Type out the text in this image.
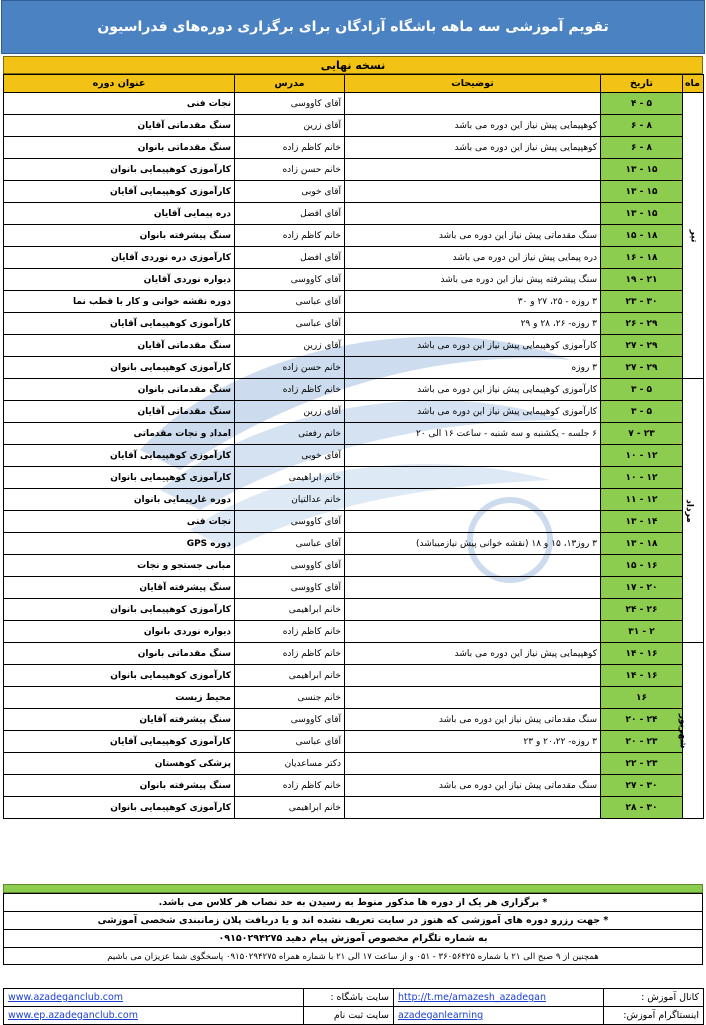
تقویم آموزشی سه ماهه باشگاه آزادگان برای برگزاری دوره‌های فدراسیون
نسخه نهایی
ماه	تاریخ	توضیحات	مدرس	عنوان دوره
تیر	۵ - ۴		آقای کاووسی	نجات فنی
	۸ - ۶	کوهپیمایی پیش نیاز این دوره می باشد	آقای زرین	سنگ مقدماتی آقایان
	۸ - ۶	کوهپیمایی پیش نیاز این دوره می باشد	خانم کاظم زاده	سنگ مقدماتی بانوان
	۱۵ - ۱۳		خانم حسن زاده	کارآموزی کوهپیمایی بانوان
	۱۵ - ۱۳		آقای خوبی	کارآموزی کوهپیمایی آقایان
	۱۵ - ۱۳		آقای افضل	دره پیمایی آقایان
	۱۸ - ۱۵	سنگ مقدماتی پیش نیاز این دوره می باشد	خانم کاظم زاده	سنگ پیشرفته بانوان
	۱۸ - ۱۶	دره پیمایی پیش نیاز این دوره می باشد	آقای افضل	کارآموزی دره نوردی آقایان
	۲۱ - ۱۹	سنگ پیشرفته پیش نیاز این دوره می باشد	آقای کاووسی	دیواره نوردی آقایان
	۳۰ - ۲۳	۳ روزه - ۲۵، ۲۷ و ۳۰	آقای عباسی	دوره نقشه خوانی و کار با قطب نما
	۲۹ - ۲۶	۳ روزه- ۲۶، ۲۸ و ۲۹	آقای عباسی	کارآموزی کوهپیمایی آقایان
	۲۹ - ۲۷	کارآموزی کوهپیمایی پیش نیاز این دوره می باشد	آقای زرین	سنگ مقدماتی آقایان
	۲۹ - ۲۷	۳ روزه	خانم حسن زاده	کارآموزی کوهپیمایی بانوان
مرداد	۵ - ۳	کارآموزی کوهپیمایی پیش نیاز این دوره می باشد	خانم کاظم زاده	سنگ مقدماتی بانوان
	۵ - ۳	کارآموزی کوهپیمایی پیش نیاز این دوره می باشد	آقای زرین	سنگ مقدماتی آقایان
	۲۳ - ۷	۶ جلسه - یکشنبه و سه شنبه - ساعت ۱۶ الی ۲۰	خانم رفعتی	امداد و نجات مقدماتی
	۱۲ - ۱۰		آقای خوبی	کارآموزی کوهپیمایی آقایان
	۱۲ - ۱۰		خانم ابراهیمی	کارآموزی کوهپیمایی بانوان
	۱۲ - ۱۱		خانم عدالتیان	دوره غارپیمایی بانوان
	۱۴ - ۱۳		آقای کاووسی	نجات فنی
	۱۸ - ۱۳	۳ روز۱۳، ۱۵ و ۱۸ (نقشه خوانی پیش نیازمیباشد)	آقای عباسی	دوره GPS
	۱۶ - ۱۵		آقای کاووسی	مبانی جستجو و نجات
	۲۰ - ۱۷		آقای کاووسی	سنگ پیشرفته آقایان
	۲۶ - ۲۴		خانم ابراهیمی	کارآموزی کوهپیمایی بانوان
	۲ - ۳۱		خانم کاظم زاده	دیواره نوردی بانوان
شهریور	۱۶ - ۱۴	کوهپیمایی پیش نیاز این دوره می باشد	خانم کاظم زاده	سنگ مقدماتی بانوان
	۱۶ - ۱۴		خانم ابراهیمی	کارآموزی کوهپیمایی بانوان
	۱۶		خانم جنسی	محیط زیست
	۲۴ - ۲۰	سنگ مقدماتی پیش نیاز این دوره می باشد	آقای کاووسی	سنگ پیشرفته آقایان
	۲۳ - ۲۰	۳ روزه- ۲۰،۲۲ و ۲۳	آقای عباسی	کارآموزی کوهپیمایی آقایان
	۲۳ - ۲۲		دکتر مساعدیان	پزشکی کوهستان
	۳۰ - ۲۷	سنگ مقدماتی پیش نیاز این دوره می باشد	خانم کاظم زاده	سنگ پیشرفته بانوان
	۳۰ - ۲۸		خانم ابراهیمی	کارآموزی کوهپیمایی بانوان
* برگزاری هر یک از دوره ها مذکور منوط به رسیدن به حد نصاب هر کلاس می باشد.
* جهت رزرو دوره های آموزشی که هنوز در سایت تعریف نشده اند و یا دریافت پلان زمانبندی شخصی آموزشی
به شماره تلگرام مخصوص آموزش پیام دهید ۰۹۱۵۰۲۹۴۲۷۵
همچنین از ۹ صبح الی ۲۱ با شماره ۳۶۰۵۶۴۲۵ - ۰۵۱ و از ساعت ۱۷ الی ۲۱ با شماره همراه ۰۹۱۵۰۲۹۴۲۷۵ پاسخگوی شما عزیزان می باشیم
کانال آموزش :	http://t.me/amazesh_azadegan	سایت باشگاه :	www.azadeganclub.com
اینستاگرام آموزش:	azadeganlearning	سایت ثبت نام	www.ep.azadeganclub.com
